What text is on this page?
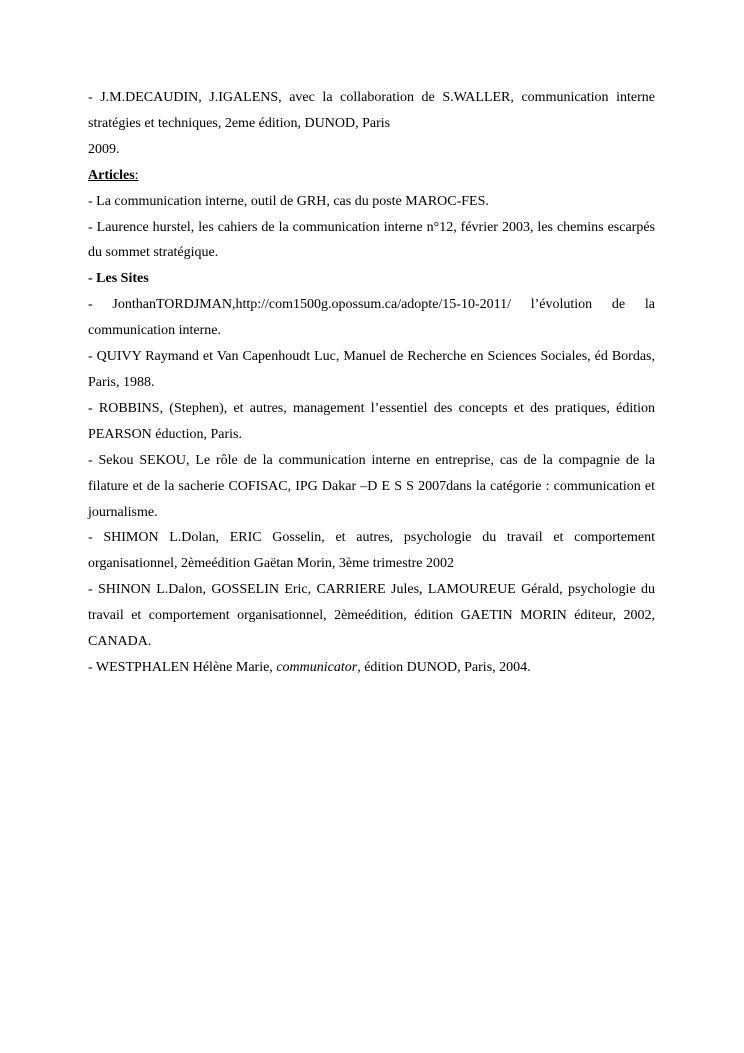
- J.M.DECAUDIN, J.IGALENS, avec la collaboration de S.WALLER, communication interne stratégies et techniques, 2eme édition, DUNOD, Paris
2009.

Articles:

- La communication interne, outil de GRH, cas du poste MAROC-FES.

- Laurence hurstel, les cahiers de la communication interne n°12, février 2003, les chemins escarpés du sommet stratégique.

- Les Sites

- JonthanTORDJMAN,http://com1500g.opossum.ca/adopte/15-10-2011/ l’évolution de la communication interne.

- QUIVY Raymand et Van Capenhoudt Luc, Manuel de Recherche en Sciences Sociales, éd Bordas, Paris, 1988.

- ROBBINS, (Stephen), et autres, management l’essentiel des concepts et des pratiques, édition PEARSON éduction, Paris.

- Sekou SEKOU, Le rôle de la communication interne en entreprise, cas de la compagnie de la filature et de la sacherie COFISAC, IPG Dakar –D E S S 2007dans la catégorie : communication et journalisme.

- SHIMON L.Dolan, ERIC Gosselin, et autres, psychologie du travail et comportement organisationnel, 2èmeédition Gaëtan Morin, 3ème trimestre 2002

- SHINON L.Dalon, GOSSELIN Eric, CARRIERE Jules, LAMOUREUE Gérald, psychologie du travail et comportement organisationnel, 2èmeédition, édition GAETIN MORIN éditeur, 2002, CANADA.

- WESTPHALEN Hélène Marie, communicator, édition DUNOD, Paris, 2004.
